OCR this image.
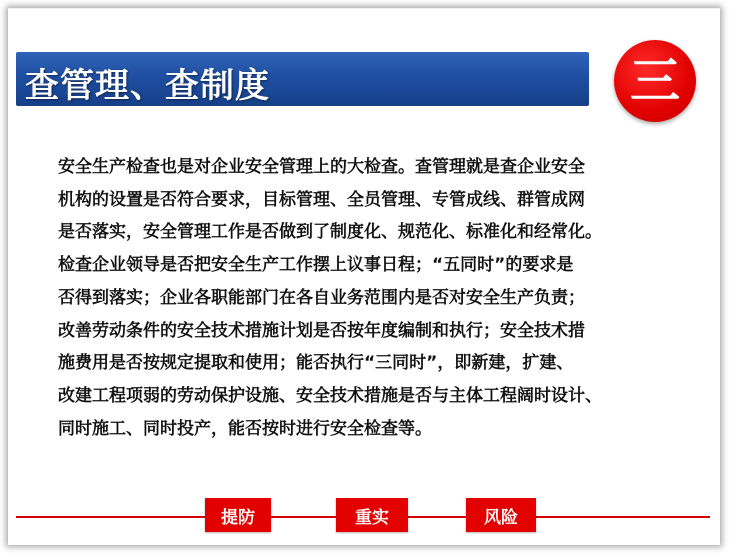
查管理、查制度	三
安全生产检查也是对企业安全管理上的大检查。查管理就是查企业安全
机构的设置是否符合要求，目标管理、全员管理、专管成线、群管成网
是否落实，安全管理工作是否做到了制度化、规范化、标准化和经常化。
检查企业领导是否把安全生产工作摆上议事日程；“五同时”的要求是
否得到落实；企业各职能部门在各自业务范围内是否对安全生产负责；
改善劳动条件的安全技术措施计划是否按年度编制和执行；安全技术措
施费用是否按规定提取和使用；能否执行“三同时”，即新建，扩建、
改建工程项弱的劳动保护设施、安全技术措施是否与主体工程阔时设计、
同时施工、同时投产，能否按时进行安全检查等。
提防	重实	风险
